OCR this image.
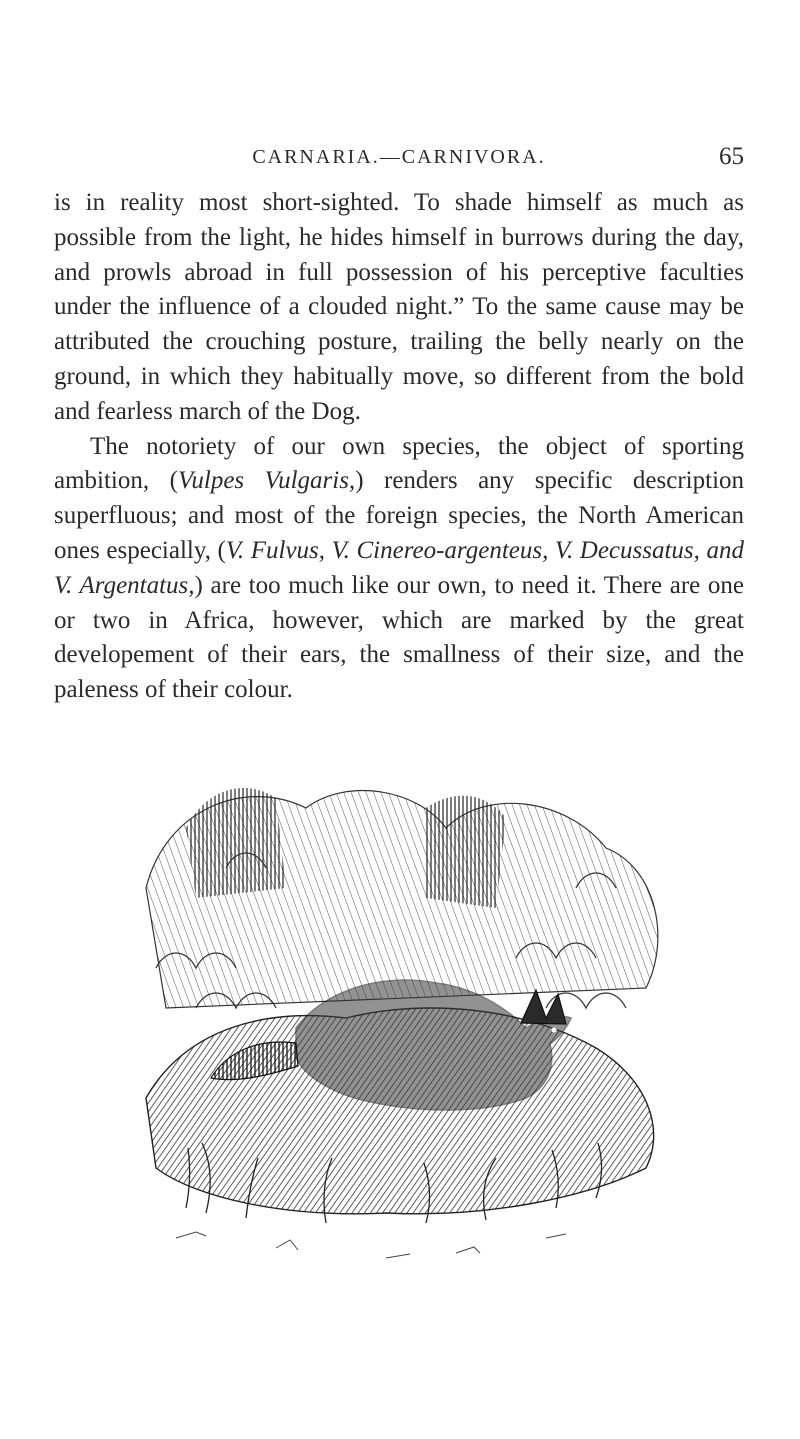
CARNARIA.—CARNIVORA.	65

is in reality most short-sighted. To shade himself as much as possible from the light, he hides himself in burrows during the day, and prowls abroad in full possession of his perceptive faculties under the influence of a clouded night.” To the same cause may be attributed the crouching posture, trailing the belly nearly on the ground, in which they habitually move, so different from the bold and fearless march of the Dog.

The notoriety of our own species, the object of sporting ambition, (Vulpes Vulgaris,) renders any specific description superfluous; and most of the foreign species, the North American ones especially, (V. Fulvus, V. Cinereo-argenteus, V. Decussatus, and V. Argentatus,) are too much like our own, to need it. There are one or two in Africa, however, which are marked by the great developement of their ears, the smallness of their size, and the paleness of their colour.
